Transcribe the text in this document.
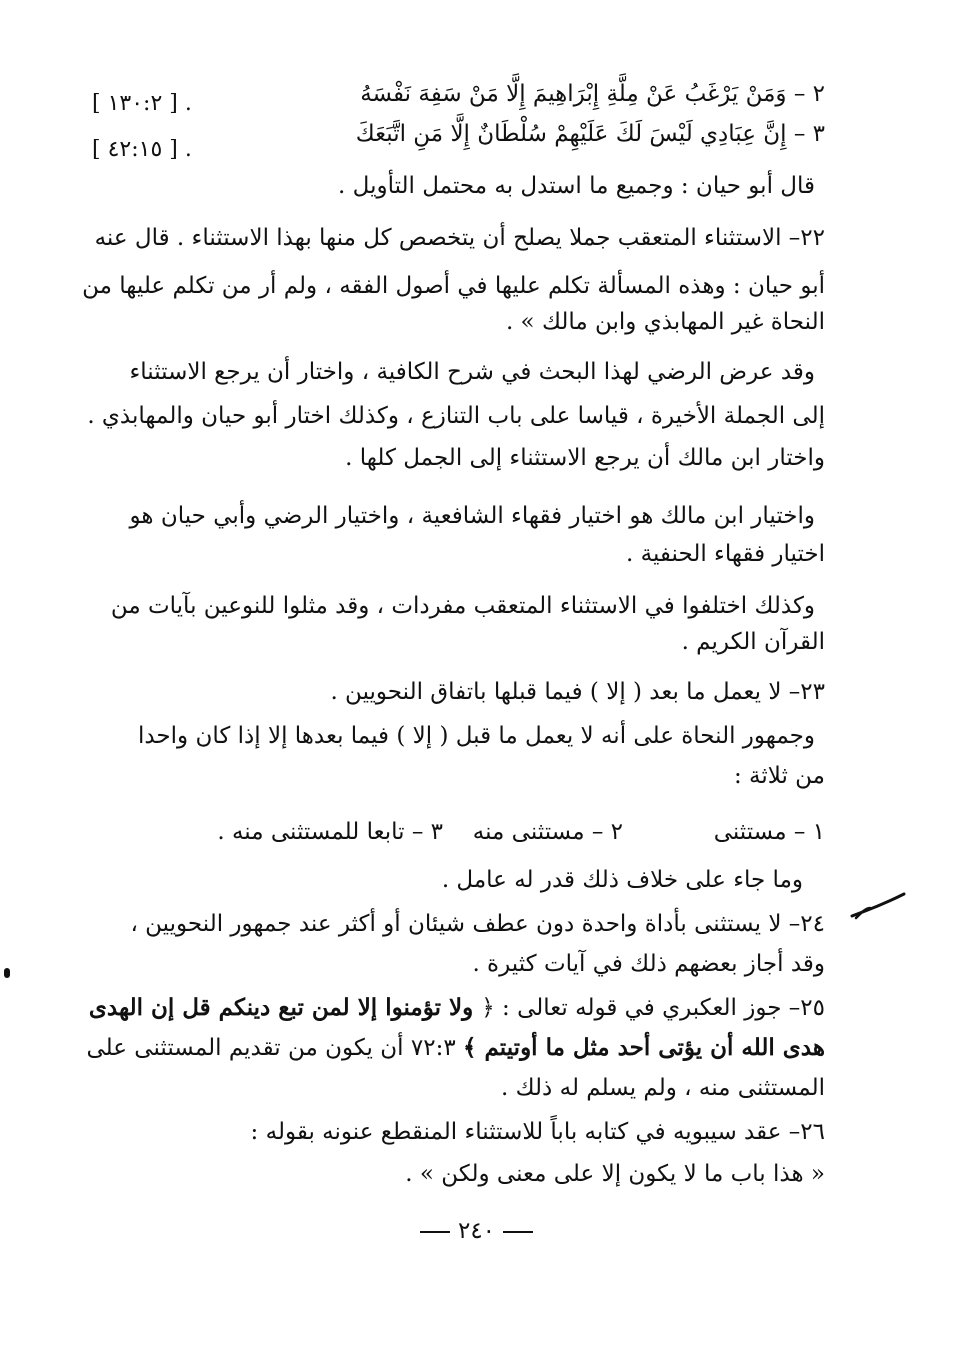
٢ – وَمَنْ يَرْغَبُ عَنْ مِلَّةِ إِبْرَاهِيمَ إِلَّا مَنْ سَفِهَ نَفْسَهُ
[ ١٣٠:٢ ] .
٣ – إِنَّ عِبَادِي لَيْسَ لَكَ عَلَيْهِمْ سُلْطَانٌ إِلَّا مَنِ اتَّبَعَكَ
[ ٤٢:١٥ ] .
قال أبو حيان : وجميع ما استدل به محتمل التأويل .
٢٢– الاستثناء المتعقب جملا يصلح أن يتخصص كل منها بهذا الاستثناء . قال عنه
أبو حيان : وهذه المسألة تكلم عليها في أصول الفقه ، ولم أر من تكلم عليها من
النحاة غير المهابذي وابن مالك » .
وقد عرض الرضي لهذا البحث في شرح الكافية ، واختار أن يرجع الاستثناء
إلى الجملة الأخيرة ، قياسا على باب التنازع ، وكذلك اختار أبو حيان والمهابذي .
واختار ابن مالك أن يرجع الاستثناء إلى الجمل كلها .
واختيار ابن مالك هو اختيار فقهاء الشافعية ، واختيار الرضي وأبي حيان هو
اختيار فقهاء الحنفية .
وكذلك اختلفوا في الاستثناء المتعقب مفردات ، وقد مثلوا للنوعين بآيات من
القرآن الكريم .
٢٣– لا يعمل ما بعد ( إلا ) فيما قبلها باتفاق النحويين .
وجمهور النحاة على أنه لا يعمل ما قبل ( إلا ) فيما بعدها إلا إذا كان واحدا
من ثلاثة :
١ – مستثنى
٢ – مستثنى منه
٣ – تابعا للمستثنى منه .
وما جاء على خلاف ذلك قدر له عامل .
٢٤– لا يستثنى بأداة واحدة دون عطف شيئان أو أكثر عند جمهور النحويين ،
وقد أجاز بعضهم ذلك في آيات كثيرة .
٢٥– جوز العكبري في قوله تعالى : ﴿ ولا تؤمنوا إلا لمن تبع دينكم قل إن الهدى
هدى الله أن يؤتى أحد مثل ما أوتيتم ﴾ ٧٢:٣ أن يكون من تقديم المستثنى على
المستثنى منه ، ولم يسلم له ذلك .
٢٦– عقد سيبويه في كتابه باباً للاستثناء المنقطع عنونه بقوله :
« هذا باب ما لا يكون إلا على معنى ولكن » .
٢٤٠
